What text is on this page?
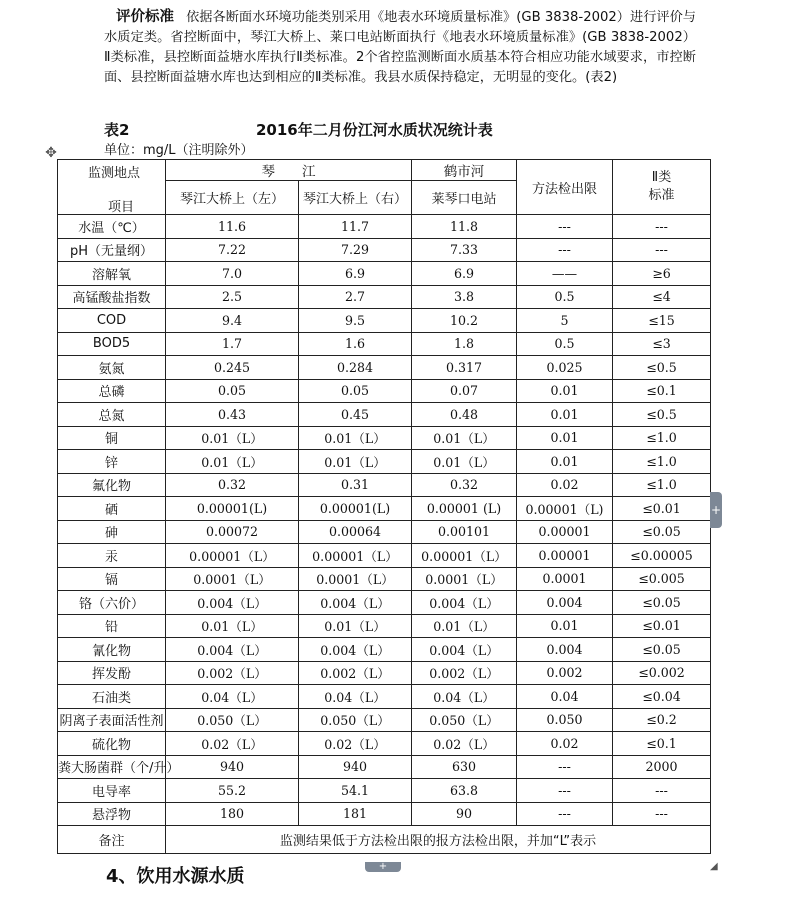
评价标准 依据各断面水环境功能类别采用《地表水环境质量标准》(GB 3838-2002）进行评价与水质定类。省控断面中，琴江大桥上、莱口电站断面执行《地表水环境质量标准》(GB 3838-2002）Ⅱ类标准，县控断面益塘水库执行Ⅱ类标准。2个省控监测断面水质基本符合相应功能水域要求，市控断面、县控断面益塘水库也达到相应的Ⅱ类标准。我县水质保持稳定，无明显的变化。(表2)
表2	2016年二月份江河水质状况统计表
单位：mg/L（注明除外）
✥
监测地点
项目	琴　　江		鹤市河	方法检出限	Ⅱ类标准
	琴江大桥上（左）	琴江大桥上（右）	莱琴口电站		
水温（℃）	11.6	11.7	11.8	---	---
pH（无量纲）	7.22	7.29	7.33	---	---
溶解氧	7.0	6.9	6.9	——	≥6
高锰酸盐指数	2.5	2.7	3.8	0.5	≤4
COD	9.4	9.5	10.2	5	≤15
BOD5	1.7	1.6	1.8	0.5	≤3
氨氮	0.245	0.284	0.317	0.025	≤0.5
总磷	0.05	0.05	0.07	0.01	≤0.1
总氮	0.43	0.45	0.48	0.01	≤0.5
铜	0.01（L）	0.01（L）	0.01（L）	0.01	≤1.0
锌	0.01（L）	0.01（L）	0.01（L）	0.01	≤1.0
氟化物	0.32	0.31	0.32	0.02	≤1.0
硒	0.00001(L)	0.00001(L)	0.00001 (L)	0.00001（L)	≤0.01
砷	0.00072	0.00064	0.00101	0.00001	≤0.05
汞	0.00001（L）	0.00001（L）	0.00001（L）	0.00001	≤0.00005
镉	0.0001（L）	0.0001（L）	0.0001（L）	0.0001	≤0.005
铬（六价）	0.004（L）	0.004（L）	0.004（L）	0.004	≤0.05
铅	0.01（L）	0.01（L）	0.01（L）	0.01	≤0.01
氰化物	0.004（L）	0.004（L）	0.004（L）	0.004	≤0.05
挥发酚	0.002（L）	0.002（L）	0.002（L）	0.002	≤0.002
石油类	0.04（L）	0.04（L）	0.04（L）	0.04	≤0.04
阴离子表面活性剂	0.050（L）	0.050（L）	0.050（L）	0.050	≤0.2
硫化物	0.02（L）	0.02（L）	0.02（L）	0.02	≤0.1
粪大肠菌群（个/升）	940	940	630	---	2000
电导率	55.2	54.1	63.8	---	---
悬浮物	180	181	90	---	---
备注	监测结果低于方法检出限的报方法检出限，并加“L”表示				
+
+	◢
4、饮用水源水质
